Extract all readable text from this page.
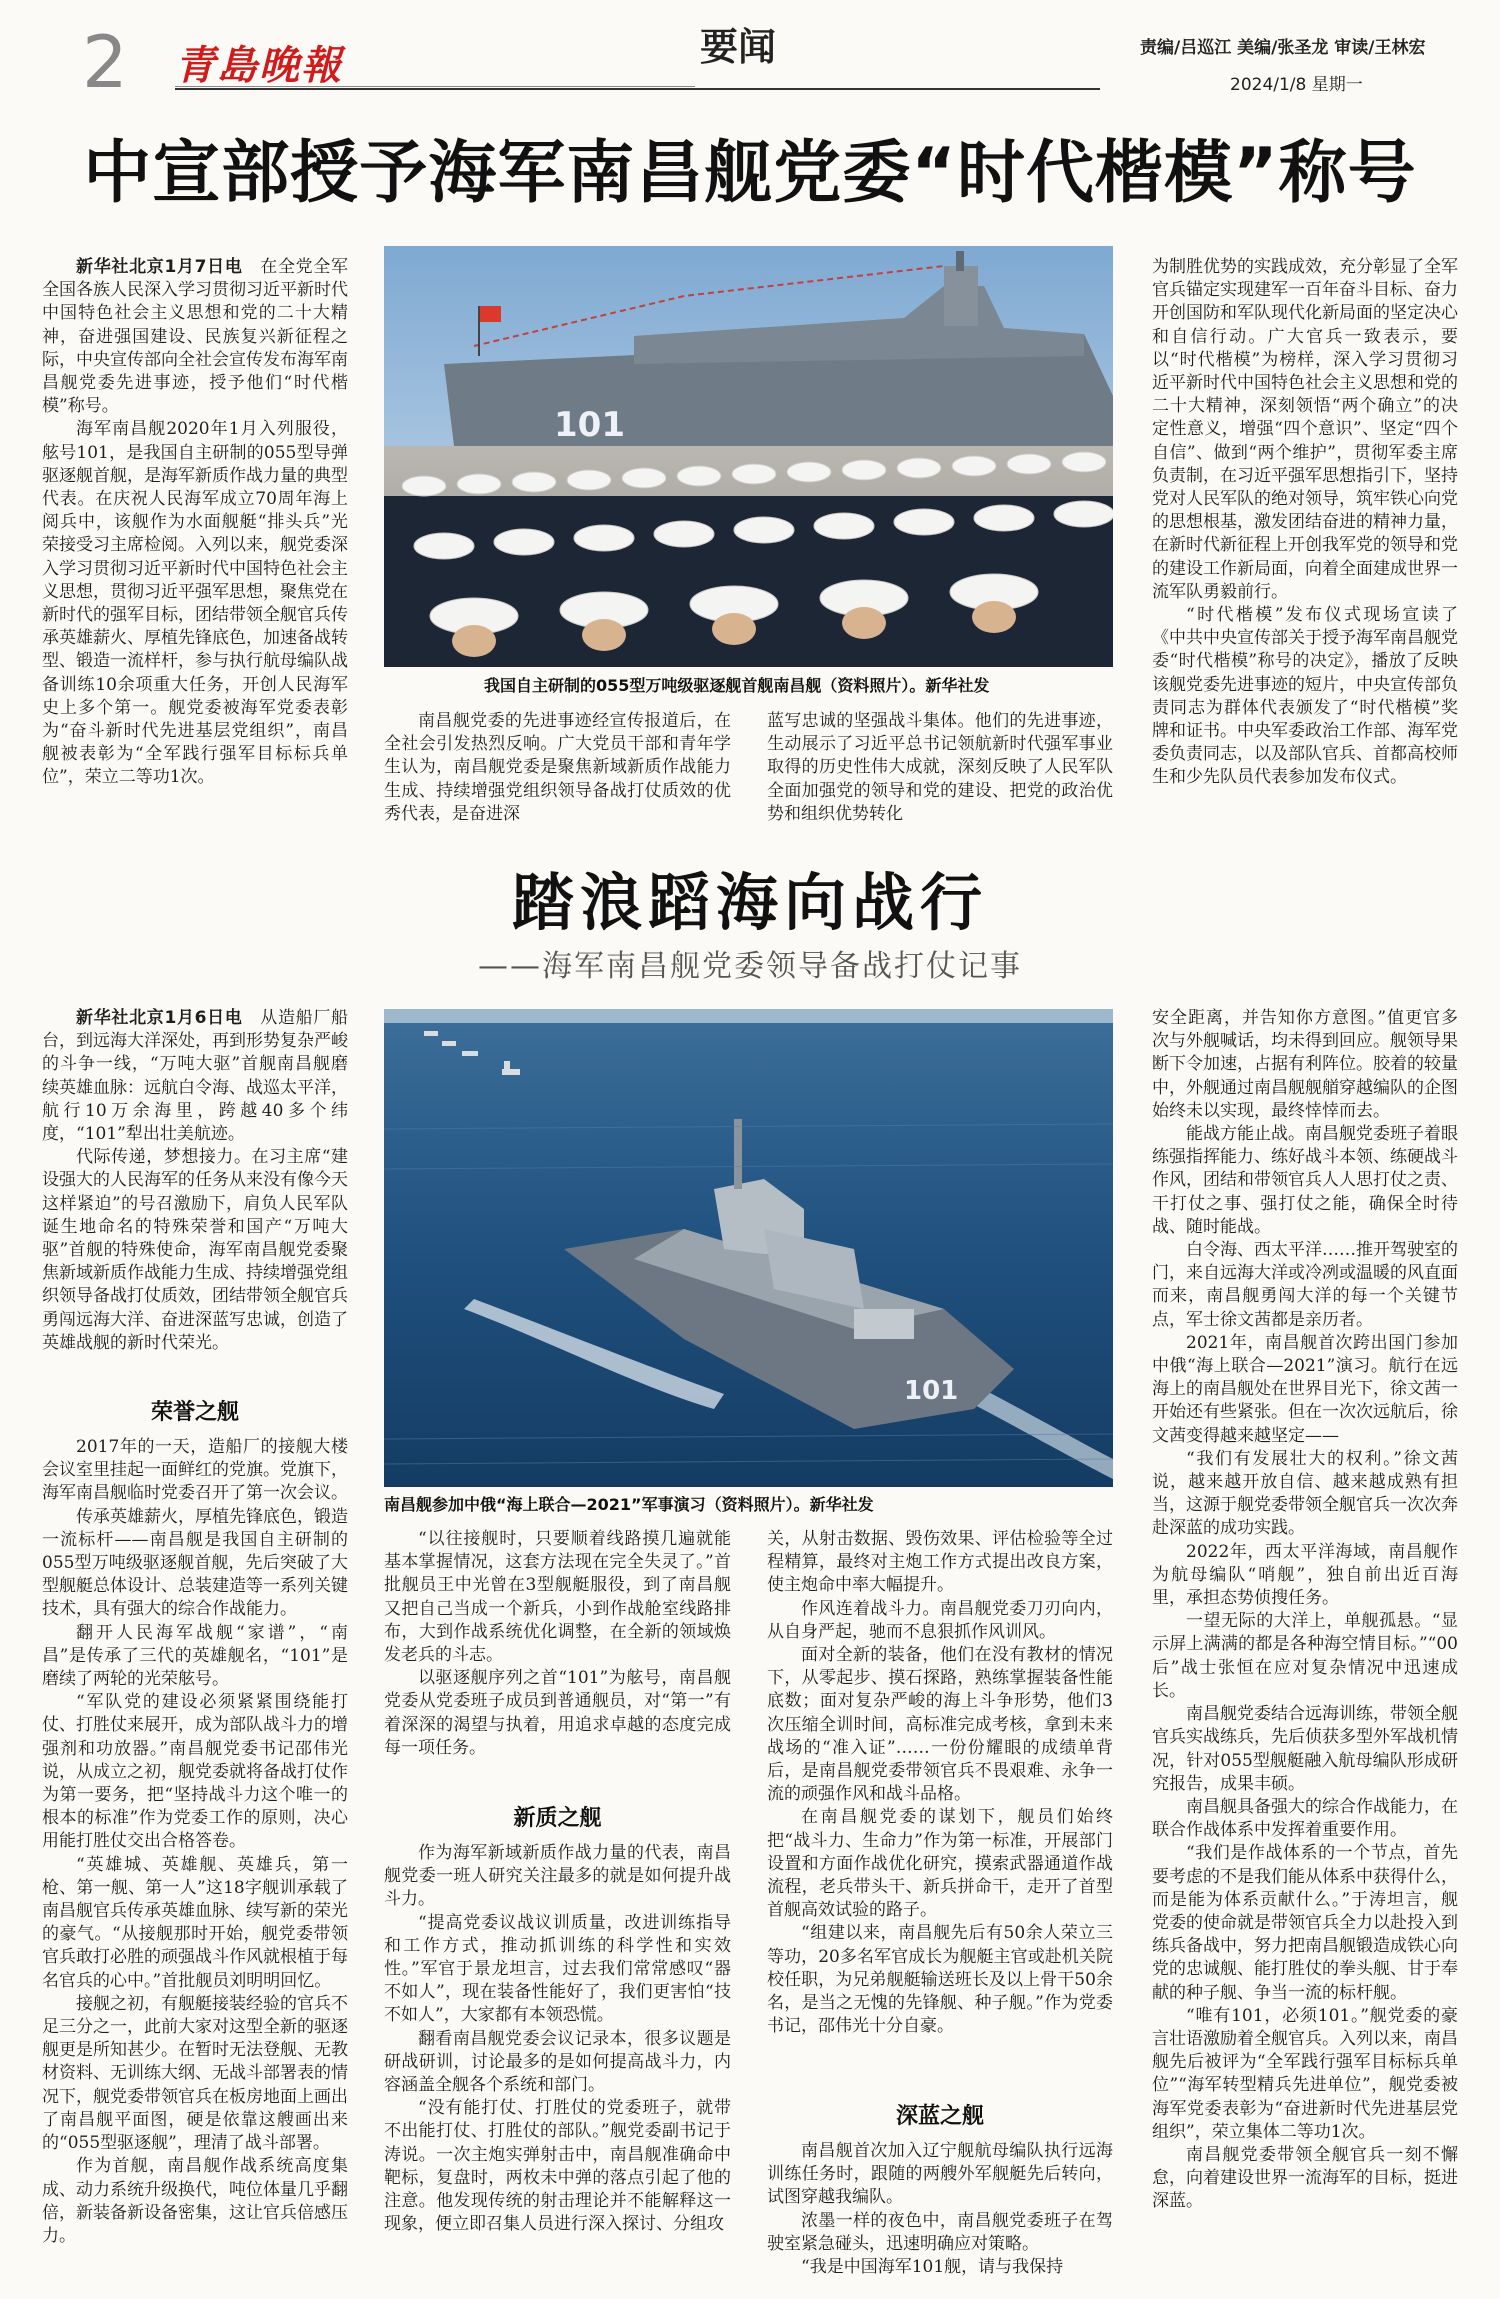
2 青島晚報	要闻	责编/吕巡江 美编/张圣龙 审读/王林宏
2024/1/8 星期一
中宣部授予海军南昌舰党委“时代楷模”称号

新华社北京1月7日电　 在全党全军全国各族人民深入学习贯彻习近平新时代中国特色社会主义思想和党的二十大精神，奋进强国建设、民族复兴新征程之际，中央宣传部向全社会宣传发布海军南昌舰党委先进事迹，授予他们“时代楷模”称号。

海军南昌舰2020年1月入列服役，舷号101，是我国自主研制的055型导弹驱逐舰首舰，是海军新质作战力量的典型代表。在庆祝人民海军成立70周年海上阅兵中，该舰作为水面舰艇“排头兵”光荣接受习主席检阅。入列以来，舰党委深入学习贯彻习近平新时代中国特色社会主义思想，贯彻习近平强军思想，聚焦党在新时代的强军目标，团结带领全舰官兵传承英雄薪火、厚植先锋底色，加速备战转型、锻造一流样杆，参与执行航母编队战备训练10余项重大任务，开创人民海军史上多个第一。舰党委被海军党委表彰为“奋斗新时代先进基层党组织”，南昌舰被表彰为“全军践行强军目标标兵单位”，荣立二等功1次。

101
我国自主研制的055型万吨级驱逐舰首舰南昌舰（资料照片）。新华社发

南昌舰党委的先进事迹经宣传报道后，在全社会引发热烈反响。广大党员干部和青年学生认为，南昌舰党委是聚焦新域新质作战能力生成、持续增强党组织领导备战打仗质效的优秀代表，是奋进深

蓝写忠诚的坚强战斗集体。他们的先进事迹，生动展示了习近平总书记领航新时代强军事业取得的历史性伟大成就，深刻反映了人民军队全面加强党的领导和党的建设、把党的政治优势和组织优势转化

为制胜优势的实践成效，充分彰显了全军官兵锚定实现建军一百年奋斗目标、奋力开创国防和军队现代化新局面的坚定决心和自信行动。广大官兵一致表示，要以“时代楷模”为榜样，深入学习贯彻习近平新时代中国特色社会主义思想和党的二十大精神，深刻领悟“两个确立”的决定性意义，增强“四个意识”、坚定“四个自信”、做到“两个维护”，贯彻军委主席负责制，在习近平强军思想指引下，坚持党对人民军队的绝对领导，筑牢铁心向党的思想根基，激发团结奋进的精神力量，在新时代新征程上开创我军党的领导和党的建设工作新局面，向着全面建成世界一流军队勇毅前行。

“时代楷模”发布仪式现场宣读了《中共中央宣传部关于授予海军南昌舰党委“时代楷模”称号的决定》，播放了反映该舰党委先进事迹的短片，中央宣传部负责同志为群体代表颁发了“时代楷模”奖牌和证书。中央军委政治工作部、海军党委负责同志，以及部队官兵、首都高校师生和少先队员代表参加发布仪式。

踏浪蹈海向战行
——海军南昌舰党委领导备战打仗记事

新华社北京1月6日电　 从造船厂船台，到远海大洋深处，再到形势复杂严峻的斗争一线，“万吨大驱”首舰南昌舰磨续英雄血脉：远航白令海、战巡太平洋，航行10万余海里，跨越40多个纬度，“101”犁出壮美航迹。

代际传递，梦想接力。在习主席“建设强大的人民海军的任务从来没有像今天这样紧迫”的号召激励下，肩负人民军队诞生地命名的特殊荣誉和国产“万吨大驱”首舰的特殊使命，海军南昌舰党委聚焦新域新质作战能力生成、持续增强党组织领导备战打仗质效，团结带领全舰官兵勇闯远海大洋、奋进深蓝写忠诚，创造了英雄战舰的新时代荣光。

荣誉之舰

2017年的一天，造船厂的接舰大楼会议室里挂起一面鲜红的党旗。党旗下，海军南昌舰临时党委召开了第一次会议。

传承英雄薪火，厚植先锋底色，锻造一流标杆——南昌舰是我国自主研制的055型万吨级驱逐舰首舰，先后突破了大型舰艇总体设计、总装建造等一系列关键技术，具有强大的综合作战能力。

翻开人民海军战舰“家谱”，“南昌”是传承了三代的英雄舰名，“101”是磨续了两轮的光荣舷号。

“军队党的建设必须紧紧围绕能打仗、打胜仗来展开，成为部队战斗力的增强剂和功放器。”南昌舰党委书记邵伟光说，从成立之初，舰党委就将备战打仗作为第一要务，把“坚持战斗力这个唯一的根本的标准”作为党委工作的原则，决心用能打胜仗交出合格答卷。

“英雄城、英雄舰、英雄兵，第一枪、第一舰、第一人”这18字舰训承载了南昌舰官兵传承英雄血脉、续写新的荣光的豪气。“从接舰那时开始，舰党委带领官兵敢打必胜的顽强战斗作风就根植于每名官兵的心中。”首批舰员刘明明回忆。

接舰之初，有舰艇接装经验的官兵不足三分之一，此前大家对这型全新的驱逐舰更是所知甚少。在暂时无法登舰、无教材资料、无训练大纲、无战斗部署表的情况下，舰党委带领官兵在板房地面上画出了南昌舰平面图，硬是依靠这艘画出来的“055型驱逐舰”，理清了战斗部署。

作为首舰，南昌舰作战系统高度集成、动力系统升级换代，吨位体量几乎翻倍，新装备新设备密集，这让官兵倍感压力。

101
南昌舰参加中俄“海上联合—2021”军事演习（资料照片）。新华社发

“以往接舰时，只要顺着线路摸几遍就能基本掌握情况，这套方法现在完全失灵了。”首批舰员王中光曾在3型舰艇服役，到了南昌舰又把自己当成一个新兵，小到作战舱室线路排布，大到作战系统优化调整，在全新的领域焕发老兵的斗志。

以驱逐舰序列之首“101”为舷号，南昌舰党委从党委班子成员到普通舰员，对“第一”有着深深的渴望与执着，用追求卓越的态度完成每一项任务。

新质之舰

作为海军新域新质作战力量的代表，南昌舰党委一班人研究关注最多的就是如何提升战斗力。

“提高党委议战议训质量，改进训练指导和工作方式，推动抓训练的科学性和实效性。”军官于景龙坦言，过去我们常常感叹“器不如人”，现在装备性能好了，我们更害怕“技不如人”，大家都有本领恐慌。

翻看南昌舰党委会议记录本，很多议题是研战研训，讨论最多的是如何提高战斗力，内容涵盖全舰各个系统和部门。

“没有能打仗、打胜仗的党委班子，就带不出能打仗、打胜仗的部队。”舰党委副书记于涛说。一次主炮实弹射击中，南昌舰准确命中靶标，复盘时，两枚未中弹的落点引起了他的注意。他发现传统的射击理论并不能解释这一现象，便立即召集人员进行深入探讨、分组攻

关，从射击数据、毁伤效果、评估检验等全过程精算，最终对主炮工作方式提出改良方案，使主炮命中率大幅提升。

作风连着战斗力。南昌舰党委刀刃向内，从自身严起，驰而不息狠抓作风训风。

面对全新的装备，他们在没有教材的情况下，从零起步、摸石探路，熟练掌握装备性能底数；面对复杂严峻的海上斗争形势，他们3次压缩全训时间，高标准完成考核，拿到未来战场的“准入证”……一份份耀眼的成绩单背后，是南昌舰党委带领官兵不畏艰难、永争一流的顽强作风和战斗品格。

在南昌舰党委的谋划下，舰员们始终把“战斗力、生命力”作为第一标准，开展部门设置和方面作战优化研究，摸索武器通道作战流程，老兵带头干、新兵拼命干，走开了首型首舰高效试验的路子。

“组建以来，南昌舰先后有50余人荣立三等功，20多名军官成长为舰艇主官或赴机关院校任职，为兄弟舰艇输送班长及以上骨干50余名，是当之无愧的先锋舰、种子舰。”作为党委书记，邵伟光十分自豪。

深蓝之舰

南昌舰首次加入辽宁舰航母编队执行远海训练任务时，跟随的两艘外军舰艇先后转向，试图穿越我编队。

浓墨一样的夜色中，南昌舰党委班子在驾驶室紧急碰头，迅速明确应对策略。

“我是中国海军101舰，请与我保持

安全距离，并告知你方意图。”值更官多次与外舰喊话，均未得到回应。舰领导果断下令加速，占据有利阵位。胶着的较量中，外舰通过南昌舰舰艏穿越编队的企图始终未以实现，最终悻悻而去。

能战方能止战。南昌舰党委班子着眼练强指挥能力、练好战斗本领、练硬战斗作风，团结和带领官兵人人思打仗之责、干打仗之事、强打仗之能，确保全时待战、随时能战。

白令海、西太平洋……推开驾驶室的门，来自远海大洋或冷冽或温暖的风直面而来，南昌舰勇闯大洋的每一个关键节点，军士徐文茜都是亲历者。

2021年，南昌舰首次跨出国门参加中俄“海上联合—2021”演习。航行在远海上的南昌舰处在世界目光下，徐文茜一开始还有些紧张。但在一次次远航后，徐文茜变得越来越坚定——

“我们有发展壮大的权利。”徐文茜说，越来越开放自信、越来越成熟有担当，这源于舰党委带领全舰官兵一次次奔赴深蓝的成功实践。

2022年，西太平洋海域，南昌舰作为航母编队“哨舰”，独自前出近百海里，承担态势侦搜任务。

一望无际的大洋上，单舰孤悬。“显示屏上满满的都是各种海空情目标。”“00后”战士张恒在应对复杂情况中迅速成长。

南昌舰党委结合远海训练，带领全舰官兵实战练兵，先后侦获多型外军战机情况，针对055型舰艇融入航母编队形成研究报告，成果丰硕。

南昌舰具备强大的综合作战能力，在联合作战体系中发挥着重要作用。

“我们是作战体系的一个节点，首先要考虑的不是我们能从体系中获得什么，而是能为体系贡献什么。”于涛坦言，舰党委的使命就是带领官兵全力以赴投入到练兵备战中，努力把南昌舰锻造成铁心向党的忠诚舰、能打胜仗的拳头舰、甘于奉献的种子舰、争当一流的标杆舰。

“唯有101，必须101。”舰党委的豪言壮语激励着全舰官兵。入列以来，南昌舰先后被评为“全军践行强军目标标兵单位”“海军转型精兵先进单位”，舰党委被海军党委表彰为“奋进新时代先进基层党组织”，荣立集体二等功1次。

南昌舰党委带领全舰官兵一刻不懈怠，向着建设世界一流海军的目标，挺进深蓝。
